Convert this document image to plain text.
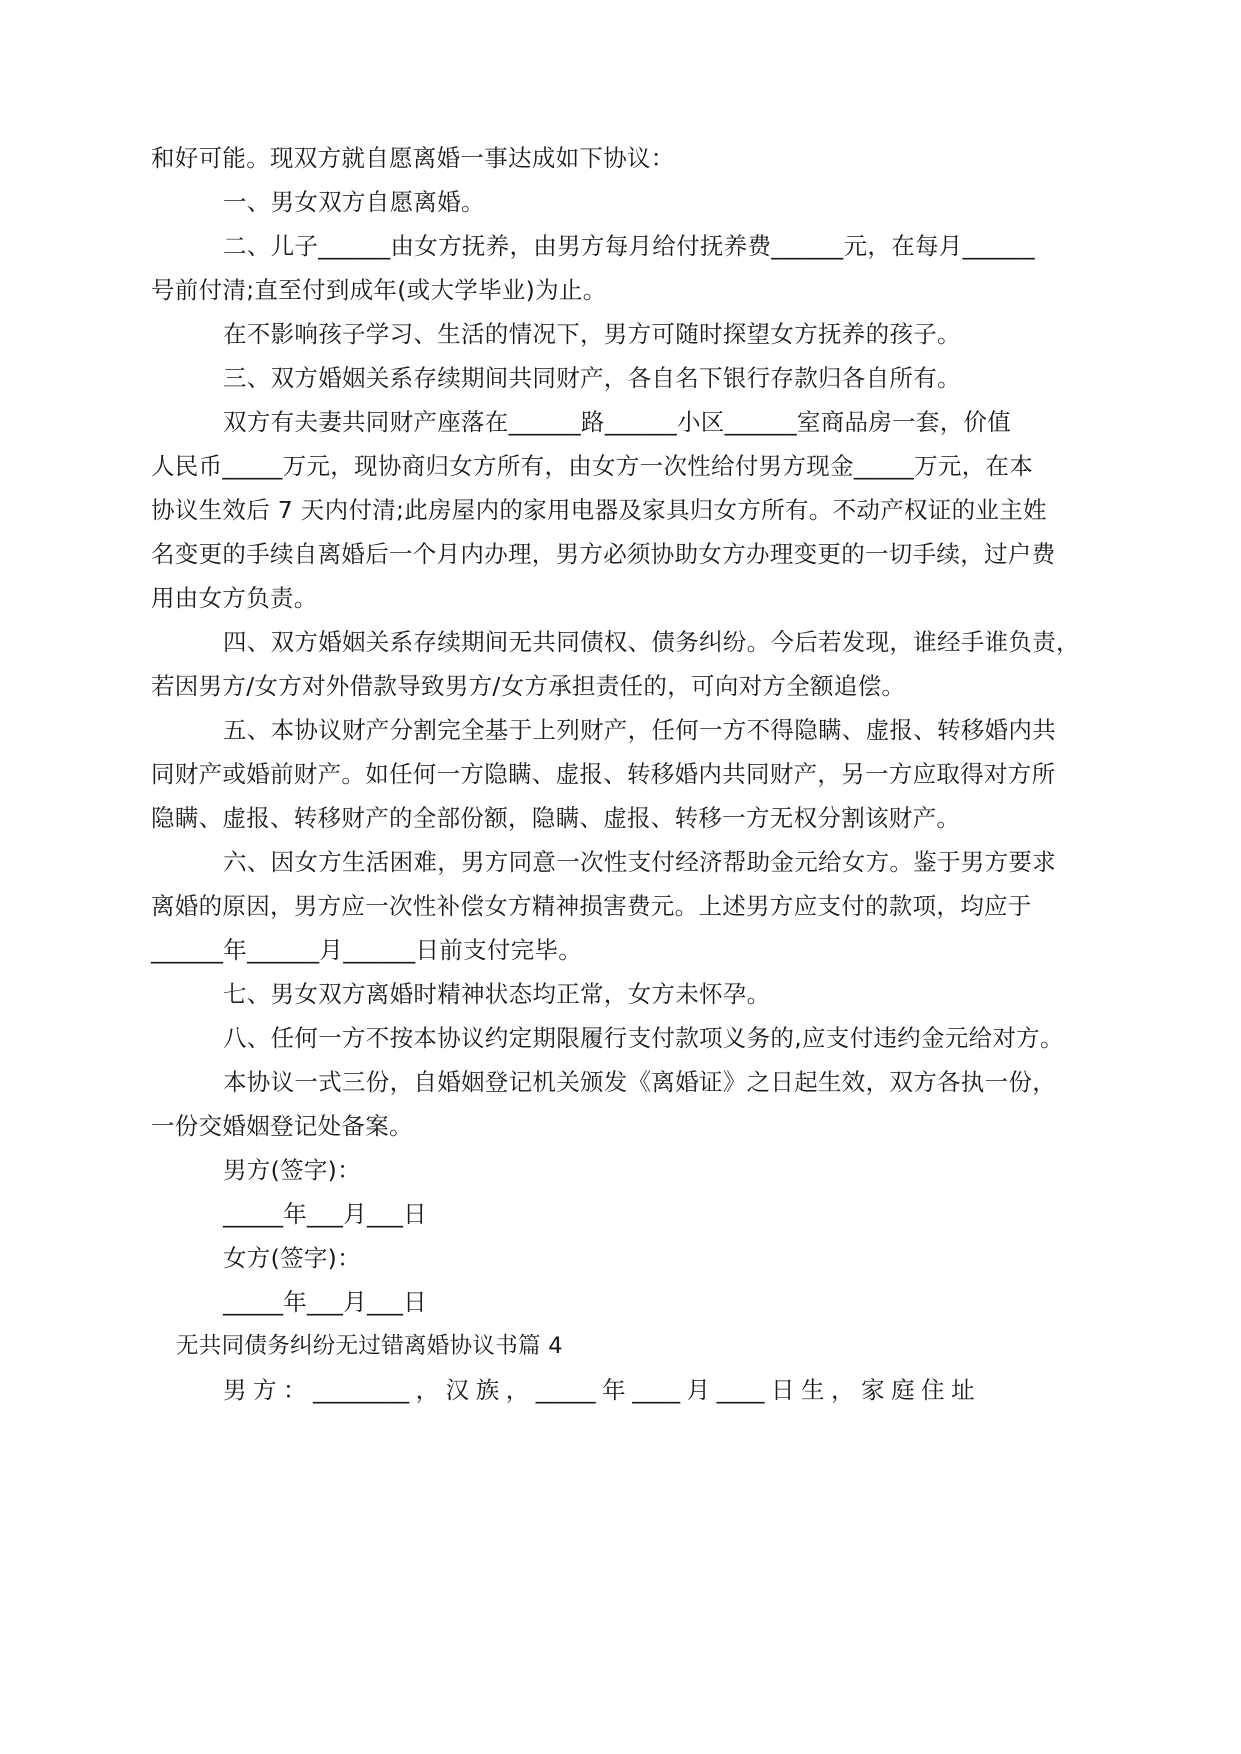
和好可能。现双方就自愿离婚一事达成如下协议：
一、男女双方自愿离婚。
二、儿子______由女方抚养，由男方每月给付抚养费______元，在每月______
号前付清;直至付到成年(或大学毕业)为止。
在不影响孩子学习、生活的情况下，男方可随时探望女方抚养的孩子。
三、双方婚姻关系存续期间共同财产，各自名下银行存款归各自所有。
双方有夫妻共同财产座落在______路______小区______室商品房一套，价值
人民币_____万元，现协商归女方所有，由女方一次性给付男方现金_____万元，在本
协议生效后 7 天内付清;此房屋内的家用电器及家具归女方所有。不动产权证的业主姓
名变更的手续自离婚后一个月内办理，男方必须协助女方办理变更的一切手续，过户费
用由女方负责。
四、双方婚姻关系存续期间无共同债权、债务纠纷。今后若发现，谁经手谁负责，
若因男方/女方对外借款导致男方/女方承担责任的，可向对方全额追偿。
五、本协议财产分割完全基于上列财产，任何一方不得隐瞒、虚报、转移婚内共
同财产或婚前财产。如任何一方隐瞒、虚报、转移婚内共同财产，另一方应取得对方所
隐瞒、虚报、转移财产的全部份额，隐瞒、虚报、转移一方无权分割该财产。
六、因女方生活困难，男方同意一次性支付经济帮助金元给女方。鉴于男方要求
离婚的原因，男方应一次性补偿女方精神损害费元。上述男方应支付的款项，均应于
______年______月______日前支付完毕。
七、男女双方离婚时精神状态均正常，女方未怀孕。
八、任何一方不按本协议约定期限履行支付款项义务的,应支付违约金元给对方。
本协议一式三份，自婚姻登记机关颁发《离婚证》之日起生效，双方各执一份，
一份交婚姻登记处备案。
男方(签字)：
_____年___月___日
女方(签字)：
_____年___月___日
无共同债务纠纷无过错离婚协议书篇 4
男 方 ： ________ ， 汉 族 ， _____ 年 ____ 月 ____ 日 生 ， 家 庭 住 址
